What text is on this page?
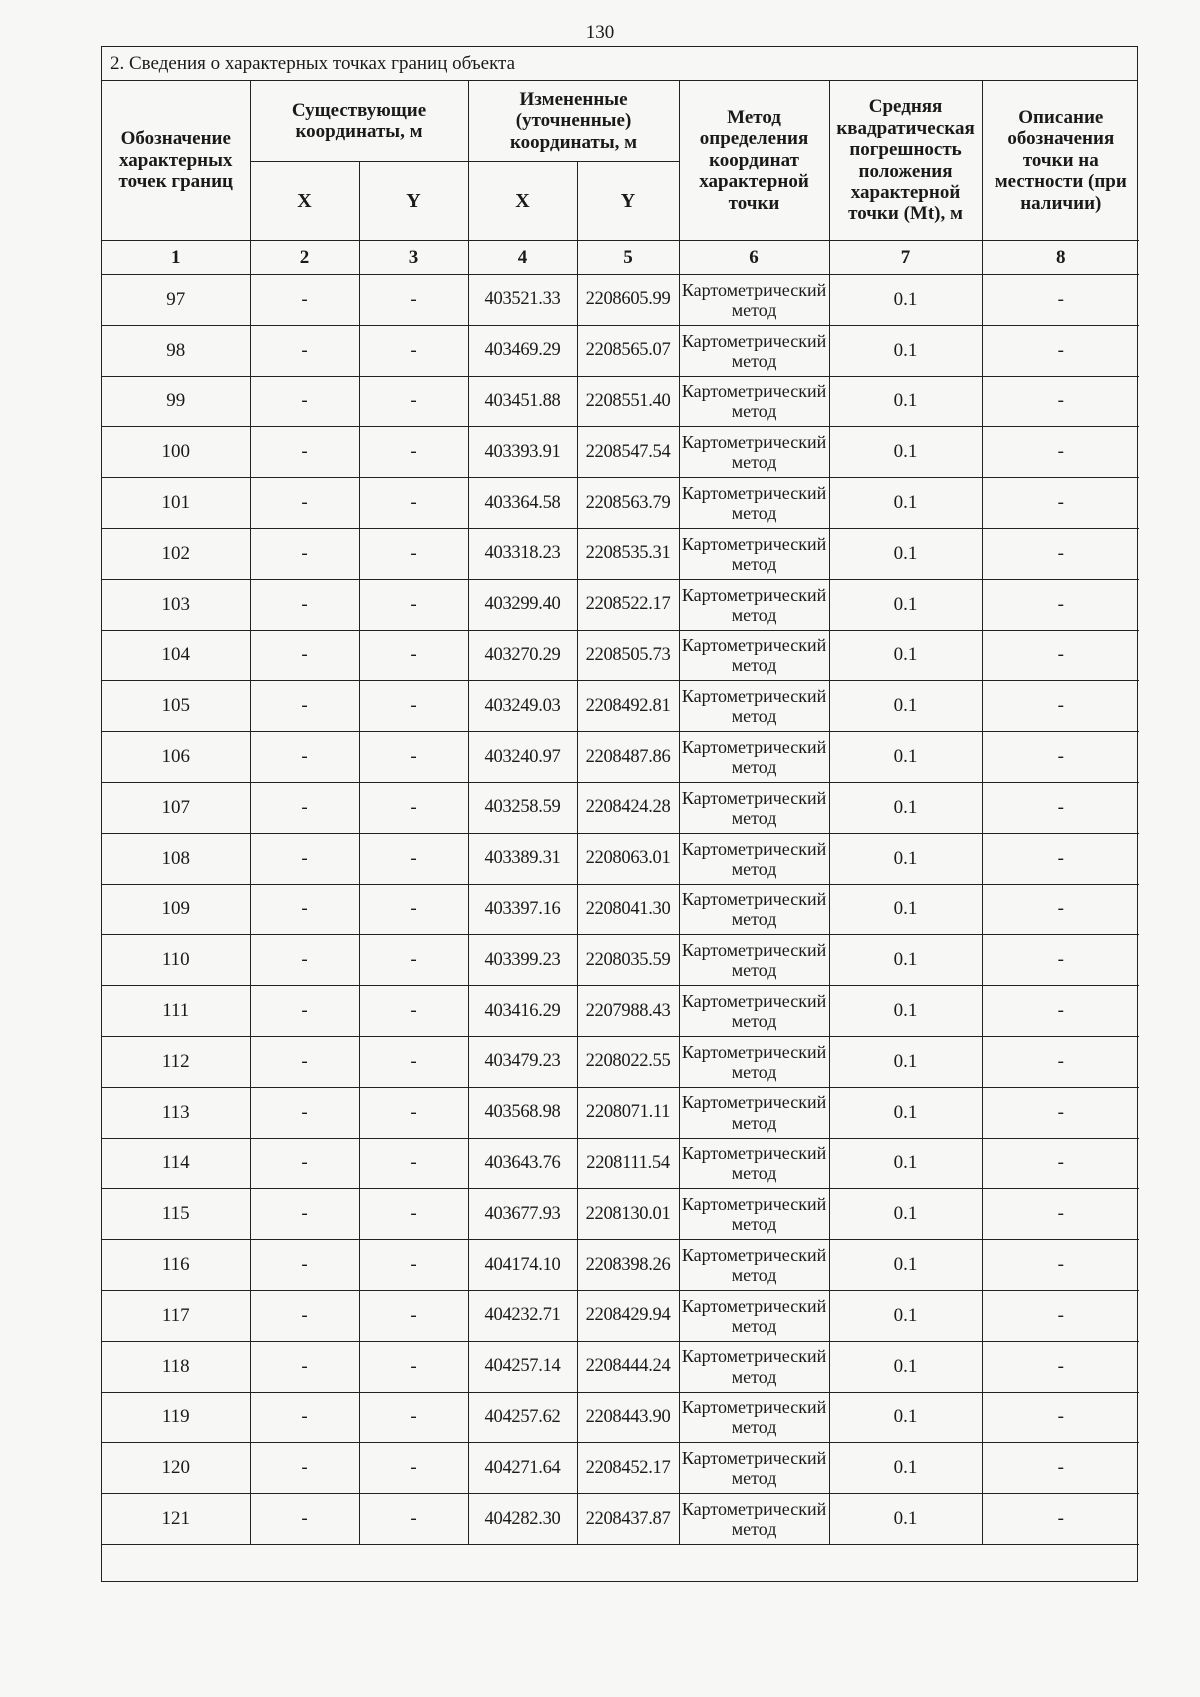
130
2. Сведения о характерных точках границ объекта
Обозначение характерных точек границ	Существующие координаты, м		Измененные (уточненные) координаты, м		Метод определения координат характерной точки	Средняя квадратическая погрешность положения характерной точки (Mt), м	Описание обозначения точки на местности (при наличии)
	X	Y	X	Y			
1	2	3	4	5	6	7	8
97	-	-	403521.33	2208605.99	Картометрический метод	0.1	-
98	-	-	403469.29	2208565.07	Картометрический метод	0.1	-
99	-	-	403451.88	2208551.40	Картометрический метод	0.1	-
100	-	-	403393.91	2208547.54	Картометрический метод	0.1	-
101	-	-	403364.58	2208563.79	Картометрический метод	0.1	-
102	-	-	403318.23	2208535.31	Картометрический метод	0.1	-
103	-	-	403299.40	2208522.17	Картометрический метод	0.1	-
104	-	-	403270.29	2208505.73	Картометрический метод	0.1	-
105	-	-	403249.03	2208492.81	Картометрический метод	0.1	-
106	-	-	403240.97	2208487.86	Картометрический метод	0.1	-
107	-	-	403258.59	2208424.28	Картометрический метод	0.1	-
108	-	-	403389.31	2208063.01	Картометрический метод	0.1	-
109	-	-	403397.16	2208041.30	Картометрический метод	0.1	-
110	-	-	403399.23	2208035.59	Картометрический метод	0.1	-
111	-	-	403416.29	2207988.43	Картометрический метод	0.1	-
112	-	-	403479.23	2208022.55	Картометрический метод	0.1	-
113	-	-	403568.98	2208071.11	Картометрический метод	0.1	-
114	-	-	403643.76	2208111.54	Картометрический метод	0.1	-
115	-	-	403677.93	2208130.01	Картометрический метод	0.1	-
116	-	-	404174.10	2208398.26	Картометрический метод	0.1	-
117	-	-	404232.71	2208429.94	Картометрический метод	0.1	-
118	-	-	404257.14	2208444.24	Картометрический метод	0.1	-
119	-	-	404257.62	2208443.90	Картометрический метод	0.1	-
120	-	-	404271.64	2208452.17	Картометрический метод	0.1	-
121	-	-	404282.30	2208437.87	Картометрический метод	0.1	-
